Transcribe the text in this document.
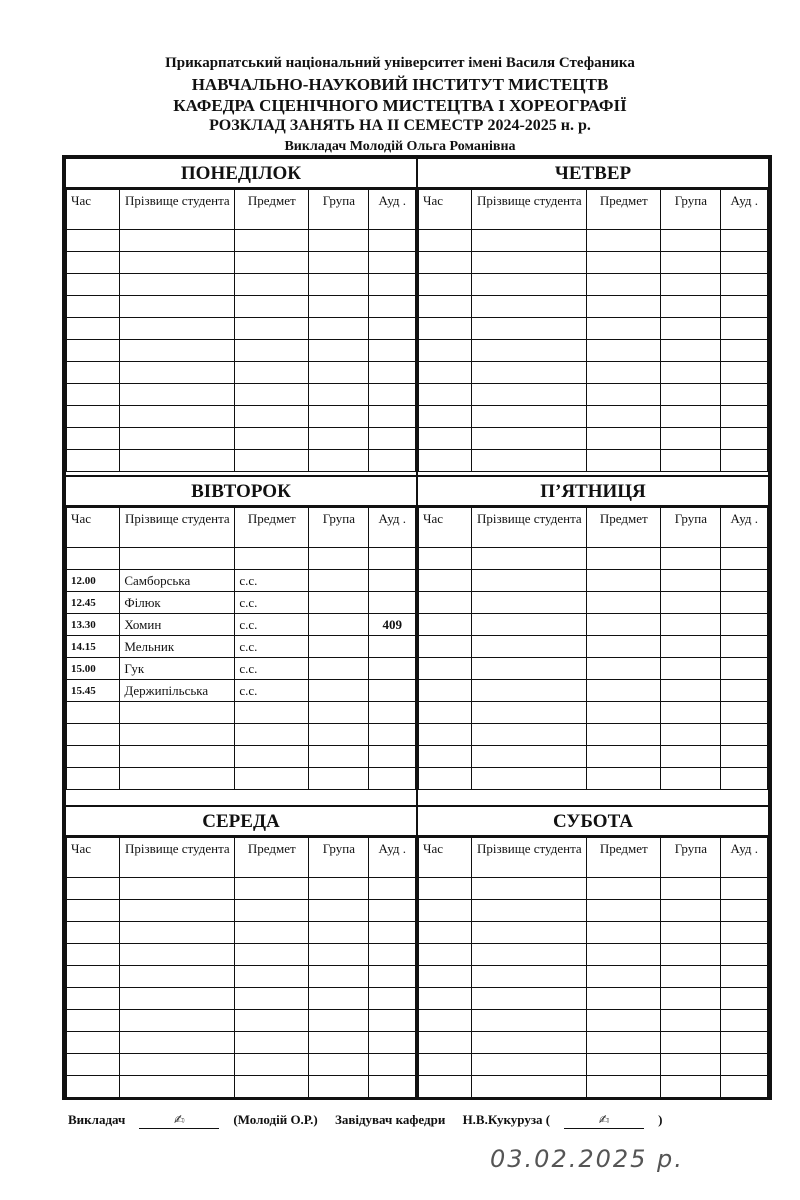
Прикарпатський національний університет імені Василя Стефаника
НАВЧАЛЬНО-НАУКОВИЙ ІНСТИТУТ МИСТЕЦТВ
КАФЕДРА СЦЕНІЧНОГО МИСТЕЦТВА І ХОРЕОГРАФІЇ
РОЗКЛАД ЗАНЯТЬ НА ІІ СЕМЕСТР 2024-2025 н. р.
Викладач Молодій Ольга Романівна
ПОНЕДІЛОК
Час	Прізвище студента	Предмет	Група	Ауд .

ЧЕТВЕР
Час	Прізвище студента	Предмет	Група	Ауд .

ВІВТОРОК
Час	Прізвище студента	Предмет	Група	Ауд .

12.00	Самборська	с.с.		
12.45	Філюк	с.с.		
13.30	Хомин	с.с.		409
14.15	Мельник	с.с.		
15.00	Гук	с.с.		
15.45	Держипільська	с.с.		

П’ЯТНИЦЯ
Час	Прізвище студента	Предмет	Група	Ауд .

СЕРЕДА
Час	Прізвище студента	Предмет	Група	Ауд .

СУБОТА
Час	Прізвище студента	Предмет	Група	Ауд .

Викладач	✍	(Молодій О.Р.) Завідувач кафедри Н.В.Кукуруза (	✍	)
03.02.2025 р.
